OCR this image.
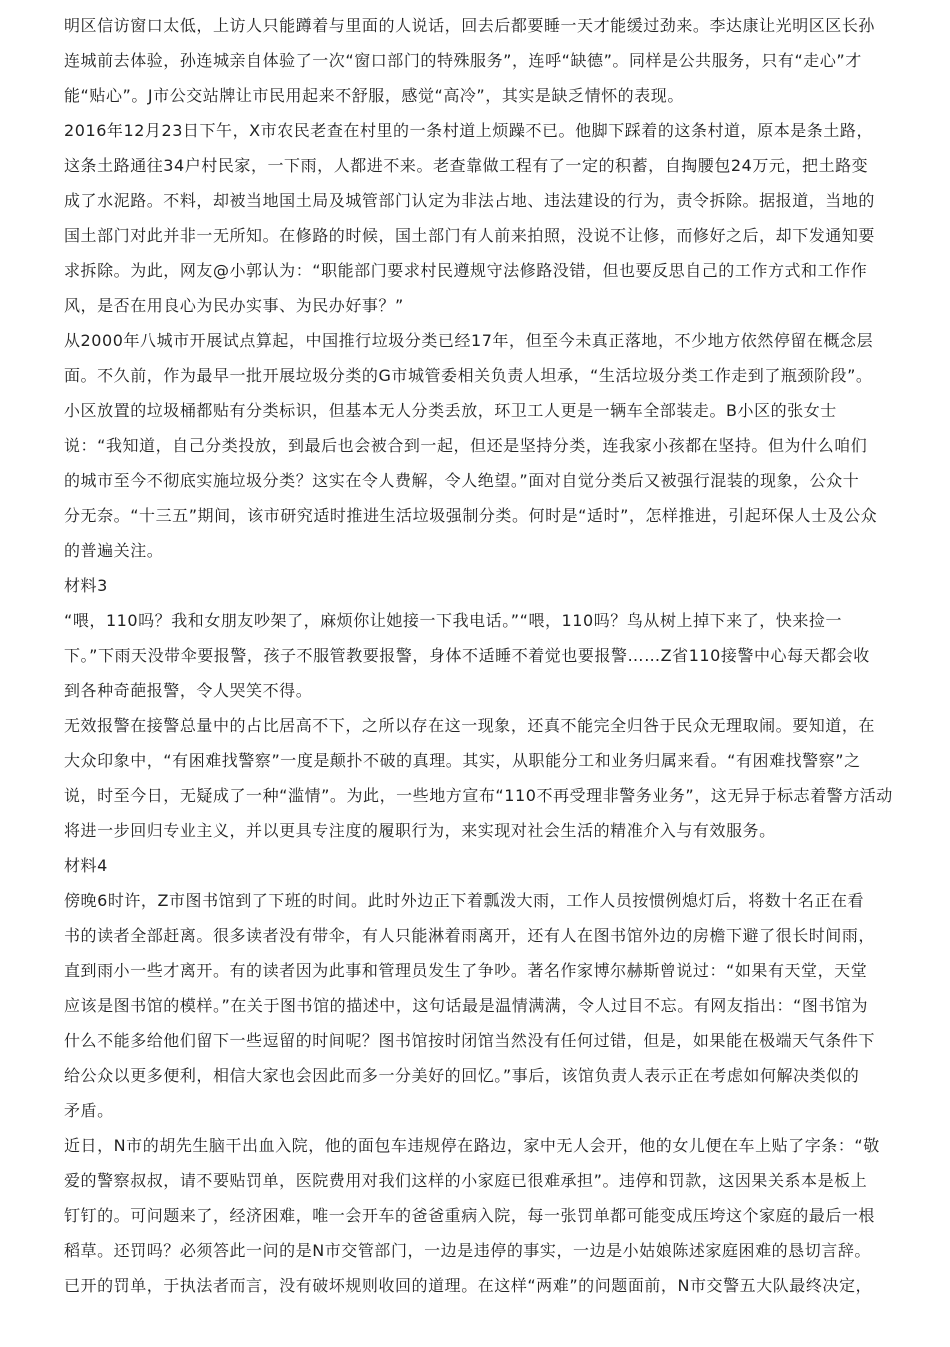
明区信访窗口太低，上访人只能蹲着与里面的人说话，回去后都要睡一天才能缓过劲来。李达康让光明区区长孙

连城前去体验，孙连城亲自体验了一次“窗口部门的特殊服务”，连呼“缺德”。同样是公共服务，只有“走心”才

能“贴心”。J市公交站牌让市民用起来不舒服，感觉“高冷”，其实是缺乏情怀的表现。

2016年12月23日下午，X市农民老查在村里的一条村道上烦躁不已。他脚下踩着的这条村道，原本是条土路，

这条土路通往34户村民家，一下雨，人都进不来。老查靠做工程有了一定的积蓄，自掏腰包24万元，把土路变

成了水泥路。不料，却被当地国土局及城管部门认定为非法占地、违法建设的行为，责令拆除。据报道，当地的

国土部门对此并非一无所知。在修路的时候，国土部门有人前来拍照，没说不让修，而修好之后，却下发通知要

求拆除。为此，网友@小郭认为：“职能部门要求村民遵规守法修路没错，但也要反思自己的工作方式和工作作

风，是否在用良心为民办实事、为民办好事？”

从2000年八城市开展试点算起，中国推行垃圾分类已经17年，但至今未真正落地，不少地方依然停留在概念层

面。不久前，作为最早一批开展垃圾分类的G市城管委相关负责人坦承，“生活垃圾分类工作走到了瓶颈阶段”。

小区放置的垃圾桶都贴有分类标识，但基本无人分类丢放，环卫工人更是一辆车全部装走。B小区的张女士

说：“我知道，自己分类投放，到最后也会被合到一起，但还是坚持分类，连我家小孩都在坚持。但为什么咱们

的城市至今不彻底实施垃圾分类？这实在令人费解，令人绝望。”面对自觉分类后又被强行混装的现象，公众十

分无奈。“十三五”期间，该市研究适时推进生活垃圾强制分类。何时是“适时”，怎样推进，引起环保人士及公众

的普遍关注。

材料3

“喂，110吗？我和女朋友吵架了，麻烦你让她接一下我电话。”“喂，110吗？鸟从树上掉下来了，快来捡一

下。”下雨天没带伞要报警，孩子不服管教要报警，身体不适睡不着觉也要报警……Z省110接警中心每天都会收

到各种奇葩报警，令人哭笑不得。

无效报警在接警总量中的占比居高不下，之所以存在这一现象，还真不能完全归咎于民众无理取闹。要知道，在

大众印象中，“有困难找警察”一度是颠扑不破的真理。其实，从职能分工和业务归属来看。“有困难找警察”之

说，时至今日，无疑成了一种“滥情”。为此，一些地方宣布“110不再受理非警务业务”，这无异于标志着警方活动

将进一步回归专业主义，并以更具专注度的履职行为，来实现对社会生活的精准介入与有效服务。

材料4

傍晚6时许，Z市图书馆到了下班的时间。此时外边正下着瓢泼大雨，工作人员按惯例熄灯后，将数十名正在看

书的读者全部赶离。很多读者没有带伞，有人只能淋着雨离开，还有人在图书馆外边的房檐下避了很长时间雨，

直到雨小一些才离开。有的读者因为此事和管理员发生了争吵。著名作家博尔赫斯曾说过：“如果有天堂，天堂

应该是图书馆的模样。”在关于图书馆的描述中，这句话最是温情满满，令人过目不忘。有网友指出：“图书馆为

什么不能多给他们留下一些逗留的时间呢？图书馆按时闭馆当然没有任何过错，但是，如果能在极端天气条件下

给公众以更多便利，相信大家也会因此而多一分美好的回忆。”事后，该馆负责人表示正在考虑如何解决类似的

矛盾。

近日，N市的胡先生脑干出血入院，他的面包车违规停在路边，家中无人会开，他的女儿便在车上贴了字条：“敬

爱的警察叔叔，请不要贴罚单，医院费用对我们这样的小家庭已很难承担”。违停和罚款，这因果关系本是板上

钉钉的。可问题来了，经济困难，唯一会开车的爸爸重病入院，每一张罚单都可能变成压垮这个家庭的最后一根

稻草。还罚吗？必须答此一问的是N市交管部门，一边是违停的事实，一边是小姑娘陈述家庭困难的恳切言辞。

已开的罚单，于执法者而言，没有破坏规则收回的道理。在这样“两难”的问题面前，N市交警五大队最终决定，
